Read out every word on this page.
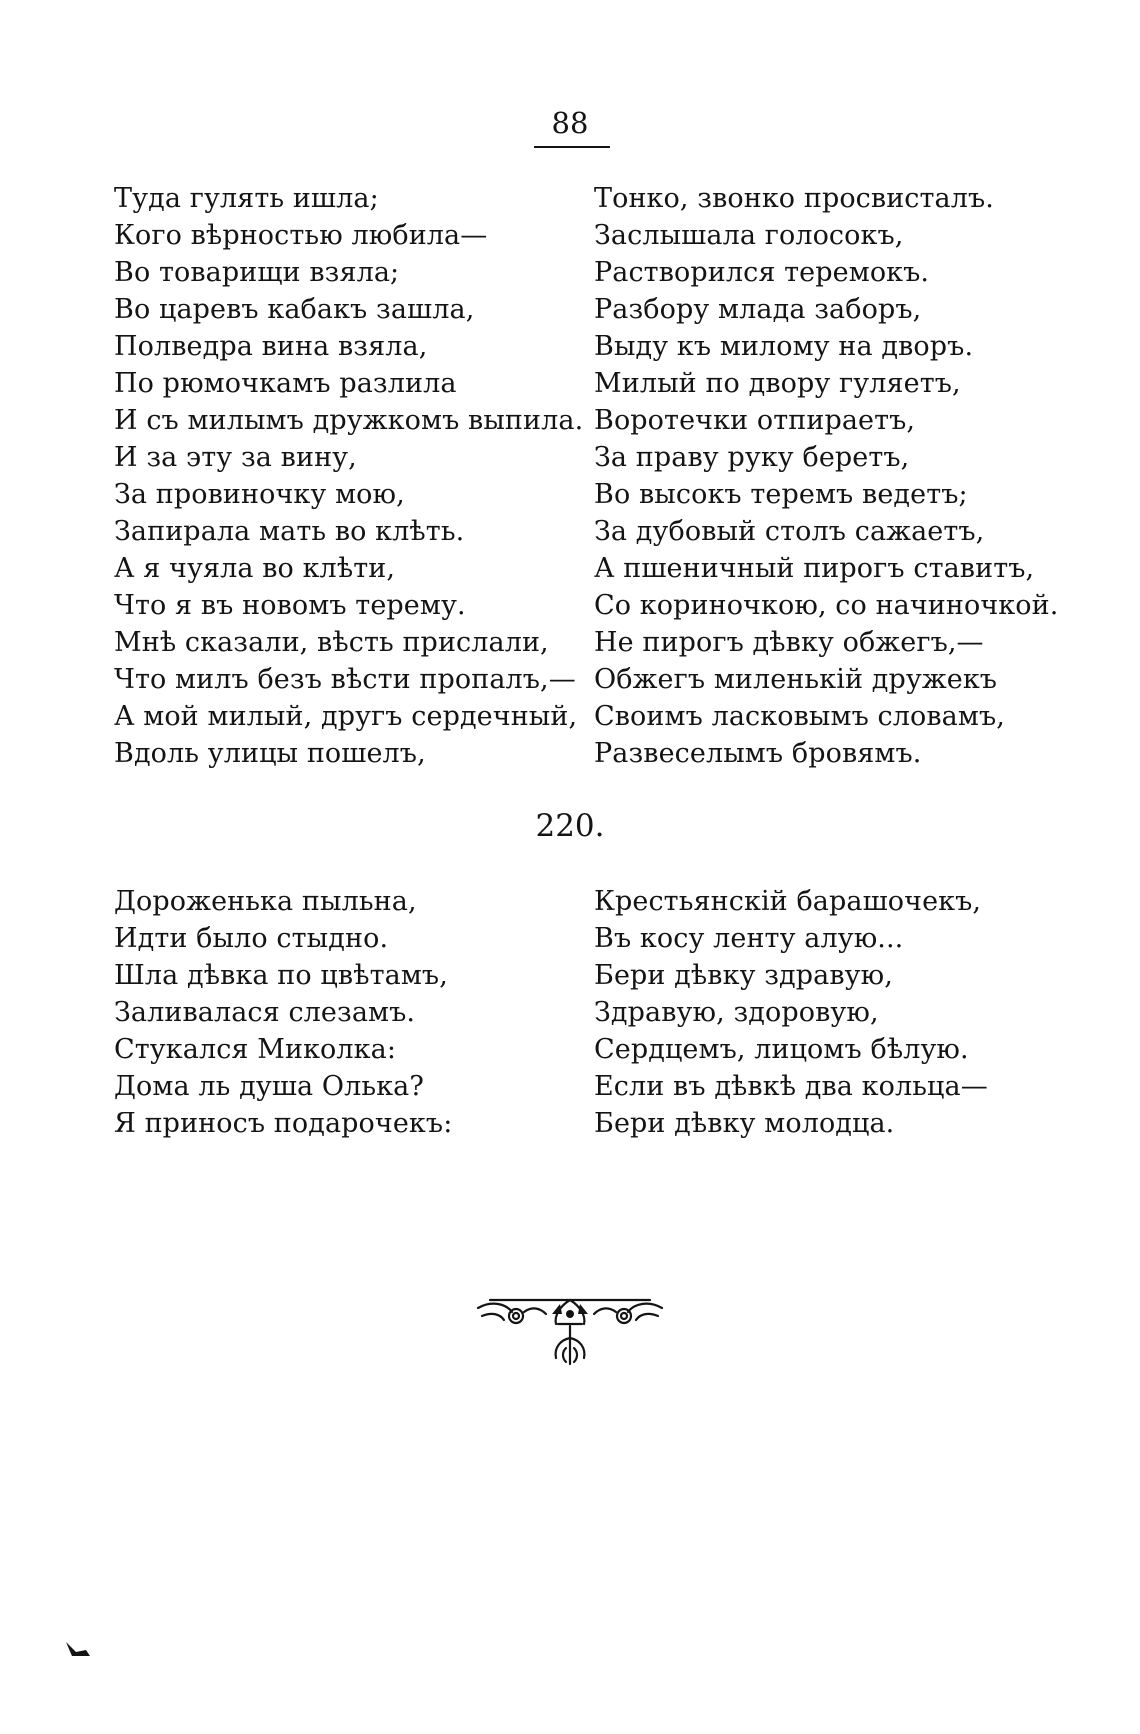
88
Туда гулять ишла;
Кого вѣрностью любила—
Во товарищи взяла;
Во царевъ кабакъ зашла,
Полведра вина взяла,
По рюмочкамъ разлила
И съ милымъ дружкомъ выпила.
И за эту за вину,
За провиночку мою,
Запирала мать во клѣть.
А я чуяла во клѣти,
Что я въ новомъ терему.
Мнѣ сказали, вѣсть прислали,
Что милъ безъ вѣсти пропалъ,—
А мой милый, другъ сердечный,
Вдоль улицы пошелъ,
Тонко, звонко просвисталъ.
Заслышала голосокъ,
Растворился теремокъ.
Разбору млада заборъ,
Выду къ милому на дворъ.
Милый по двору гуляетъ,
Воротечки отпираетъ,
За праву руку беретъ,
Во высокъ теремъ ведетъ;
За дубовый столъ сажаетъ,
А пшеничный пирогъ ставитъ,
Со кориночкою, со начиночкой.
Не пирогъ дѣвку обжегъ,—
Обжегъ миленькій дружекъ
Своимъ ласковымъ словамъ,
Развеселымъ бровямъ.
220.
Дороженька пыльна,
Идти было стыдно.
Шла дѣвка по цвѣтамъ,
Заливалася слезамъ.
Стукался Миколка:
Дома ль душа Олька?
Я приносъ подарочекъ:
Крестьянскій барашочекъ,
Въ косу ленту алую...
Бери дѣвку здравую,
Здравую, здоровую,
Сердцемъ, лицомъ бѣлую.
Если въ дѣвкѣ два кольца—
Бери дѣвку молодца.
